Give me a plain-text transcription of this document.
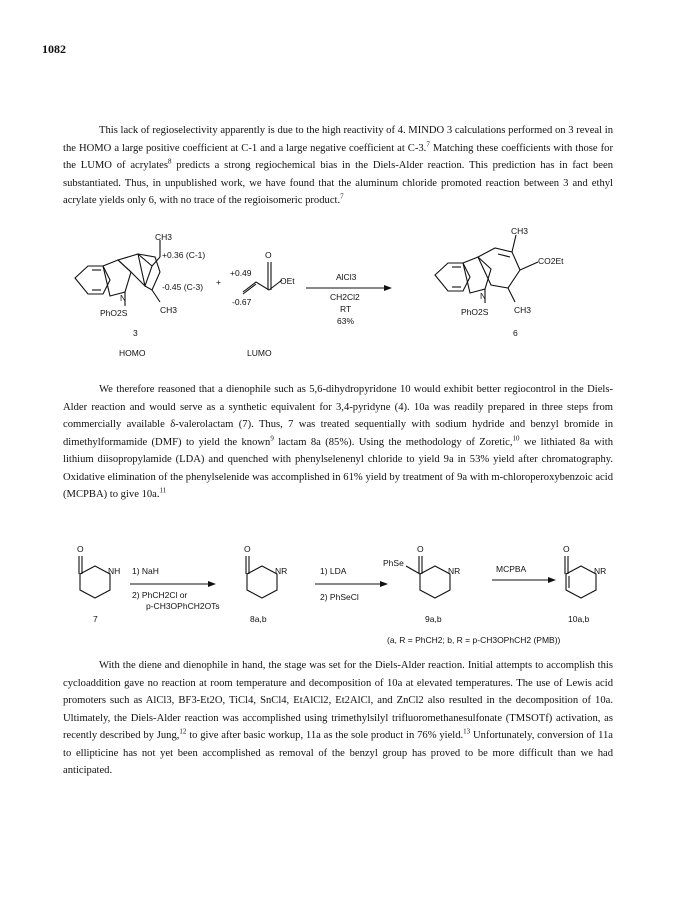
1082

This lack of regioselectivity apparently is due to the high reactivity of 4. MINDO 3 calculations performed on 3 reveal in the HOMO a large positive coefficient at C-1 and a large negative coefficient at C-3.$^7$ Matching these coefficients with those for the LUMO of acrylates$^8$ predicts a strong regiochemical bias in the Diels-Alder reaction. This prediction has in fact been substantiated. Thus, in unpublished work, we have found that the aluminum chloride promoted reaction between 3 and ethyl acrylate yields only 6, with no trace of the regioisomeric product.$^7$

CH3
+0.36 (C-1)
-0.45 (C-3)
N
PhO2S	CH3
3
HOMO
+
O
OEt
+0.49
-0.67
LUMO
AlCl3
CH2Cl2
RT
63%
CH3
CO2Et
N
PhO2S	CH3
6
O
NH
7
1) NaH
2) PhCH2Cl or
p-CH3OPhCH2OTs
O
NR
8a,b
1) LDA
2) PhSeCl
PhSe
O
NR
9a,b
MCPBA
O
NR
10a,b
(a, R = PhCH2; b, R = p-CH3OPhCH2 (PMB))

We therefore reasoned that a dienophile such as 5,6-dihydropyridone 10 would exhibit better regiocontrol in the Diels-Alder reaction and would serve as a synthetic equivalent for 3,4-pyridyne (4). 10a was readily prepared in three steps from commercially available δ-valerolactam (7). Thus, 7 was treated sequentially with sodium hydride and benzyl bromide in dimethylformamide (DMF) to yield the known$^9$ lactam 8a (85%). Using the methodology of Zoretic,$^{10}$ we lithiated 8a with lithium diisopropylamide (LDA) and quenched with phenylselenenyl chloride to yield 9a in 53% yield after chromatography. Oxidative elimination of the phenylselenide was accomplished in 61% yield by treatment of 9a with m-chloroperoxybenzoic acid (MCPBA) to give 10a.$^{11}$

With the diene and dienophile in hand, the stage was set for the Diels-Alder reaction. Initial attempts to accomplish this cycloaddition gave no reaction at room temperature and decomposition of 10a at elevated temperatures. The use of Lewis acid promoters such as AlCl3, BF3-Et2O, TiCl4, SnCl4, EtAlCl2, Et2AlCl, and ZnCl2 also resulted in the decomposition of 10a. Ultimately, the Diels-Alder reaction was accomplished using trimethylsilyl trifluoromethanesulfonate (TMSOTf) activation, as recently described by Jung,$^{12}$ to give after basic workup, 11a as the sole product in 76% yield.$^{13}$ Unfortunately, conversion of 11a to ellipticine has not yet been accomplished as removal of the benzyl group has proved to be more difficult than we had anticipated.
